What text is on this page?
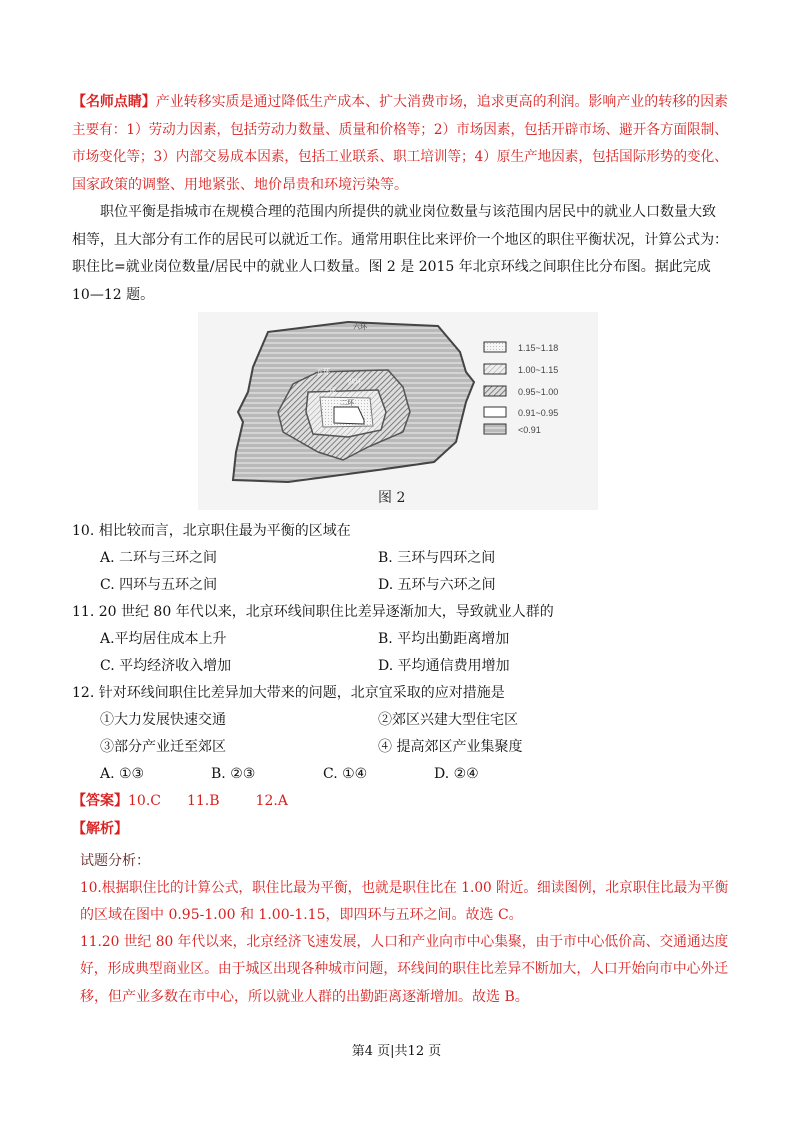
【名师点睛】产业转移实质是通过降低生产成本、扩大消费市场，追求更高的利润。影响产业的转移的因素
主要有：1）劳动力因素，包括劳动力数量、质量和价格等；2）市场因素，包括开辟市场、避开各方面限制、
市场变化等；3）内部交易成本因素，包括工业联系、职工培训等；4）原生产地因素，包括国际形势的变化、
国家政策的调整、用地紧张、地价昂贵和环境污染等。
职位平衡是指城市在规模合理的范围内所提供的就业岗位数量与该范围内居民中的就业人口数量大致
相等，且大部分有工作的居民可以就近工作。通常用职住比来评价一个地区的职住平衡状况，计算公式为：
职住比=就业岗位数量/居民中的就业人口数量。图 2 是 2015 年北京环线之间职住比分布图。据此完成
10—12 题。
六环
五环
四环
三环
二环
1.15~1.18
1.00~1.15
0.95~1.00
0.91~0.95
<0.91
图 2
10. 相比较而言，北京职住最为平衡的区域在
A. 二环与三环之间	B. 三环与四环之间
C. 四环与五环之间	D. 五环与六环之间
11. 20 世纪 80 年代以来，北京环线间职住比差异逐渐加大，导致就业人群的
A.平均居住成本上升	B. 平均出勤距离增加
C. 平均经济收入增加	D. 平均通信费用增加
12. 针对环线间职住比差异加大带来的问题，北京宜采取的应对措施是
①大力发展快速交通	②郊区兴建大型住宅区
③部分产业迁至郊区	④ 提高郊区产业集聚度
A. ①③	B. ②③	C. ①④	D. ②④
【答案】10.C 11.B	12.A
【解析】
试题分析：
10.根据职住比的计算公式，职住比最为平衡，也就是职住比在 1.00 附近。细读图例，北京职住比最为平衡
的区域在图中 0.95-1.00 和 1.00-1.15，即四环与五环之间。故选 C。
11.20 世纪 80 年代以来，北京经济飞速发展，人口和产业向市中心集聚，由于市中心低价高、交通通达度
好，形成典型商业区。由于城区出现各种城市问题，环线间的职住比差异不断加大，人口开始向市中心外迁
移，但产业多数在市中心，所以就业人群的出勤距离逐渐增加。故选 B。
第4 页|共12 页
